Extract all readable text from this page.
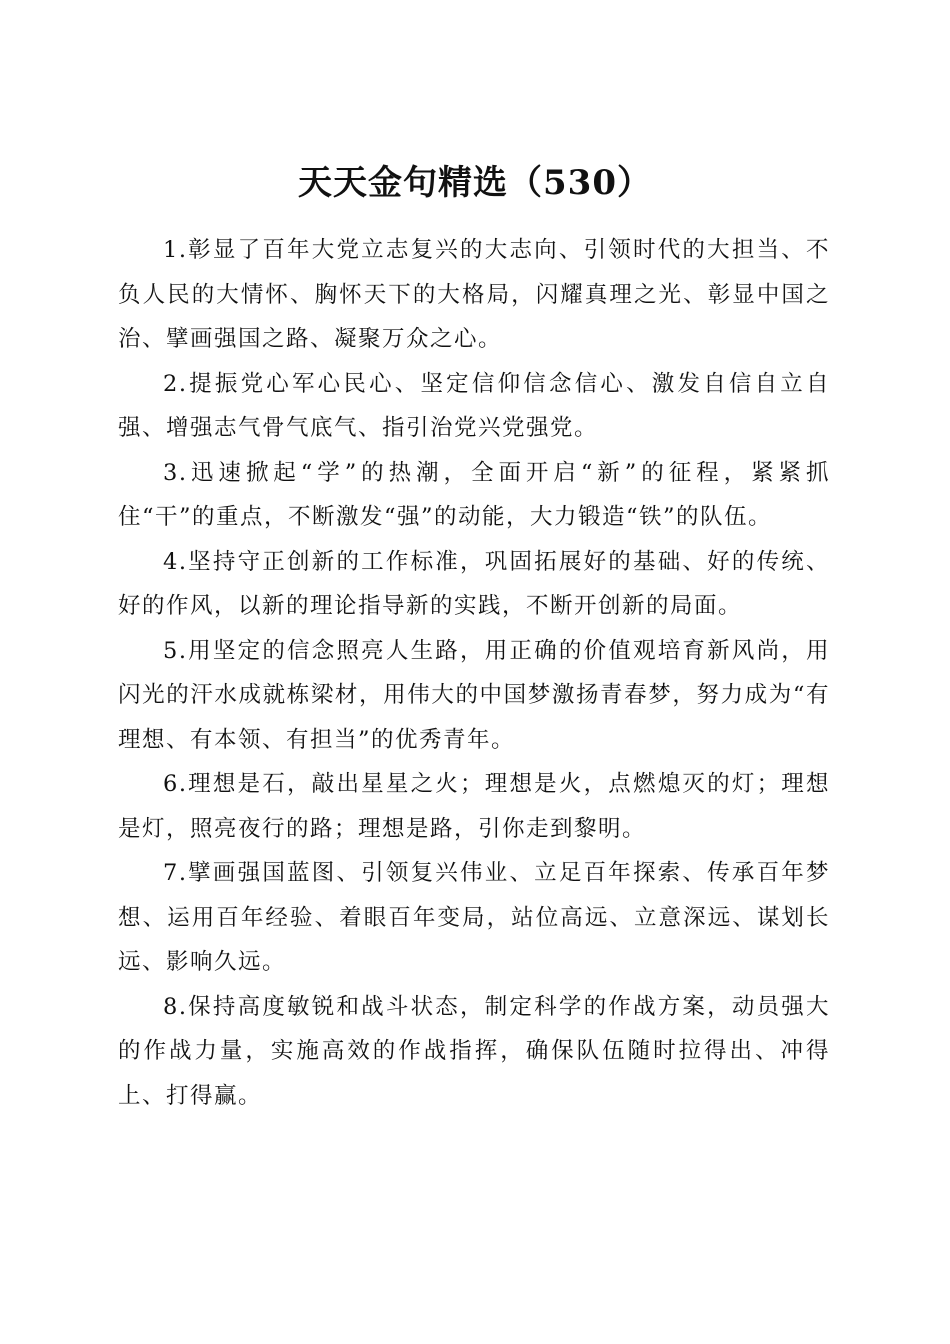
天天金句精选（530）

1.彰显了百年大党立志复兴的大志向、引领时代的大担当、不负人民的大情怀、胸怀天下的大格局，闪耀真理之光、彰显中国之治、擘画强国之路、凝聚万众之心。

2.提振党心军心民心、坚定信仰信念信心、激发自信自立自强、增强志气骨气底气、指引治党兴党强党。

3.迅速掀起“学”的热潮，全面开启“新”的征程，紧紧抓住“干”的重点，不断激发“强”的动能，大力锻造“铁”的队伍。

4.坚持守正创新的工作标准，巩固拓展好的基础、好的传统、好的作风，以新的理论指导新的实践，不断开创新的局面。

5.用坚定的信念照亮人生路，用正确的价值观培育新风尚，用闪光的汗水成就栋梁材，用伟大的中国梦激扬青春梦，努力成为“有理想、有本领、有担当”的优秀青年。

6.理想是石，敲出星星之火；理想是火，点燃熄灭的灯；理想是灯，照亮夜行的路；理想是路，引你走到黎明。

7.擘画强国蓝图、引领复兴伟业、立足百年探索、传承百年梦想、运用百年经验、着眼百年变局，站位高远、立意深远、谋划长远、影响久远。

8.保持高度敏锐和战斗状态，制定科学的作战方案，动员强大的作战力量，实施高效的作战指挥，确保队伍随时拉得出、冲得上、打得赢。
